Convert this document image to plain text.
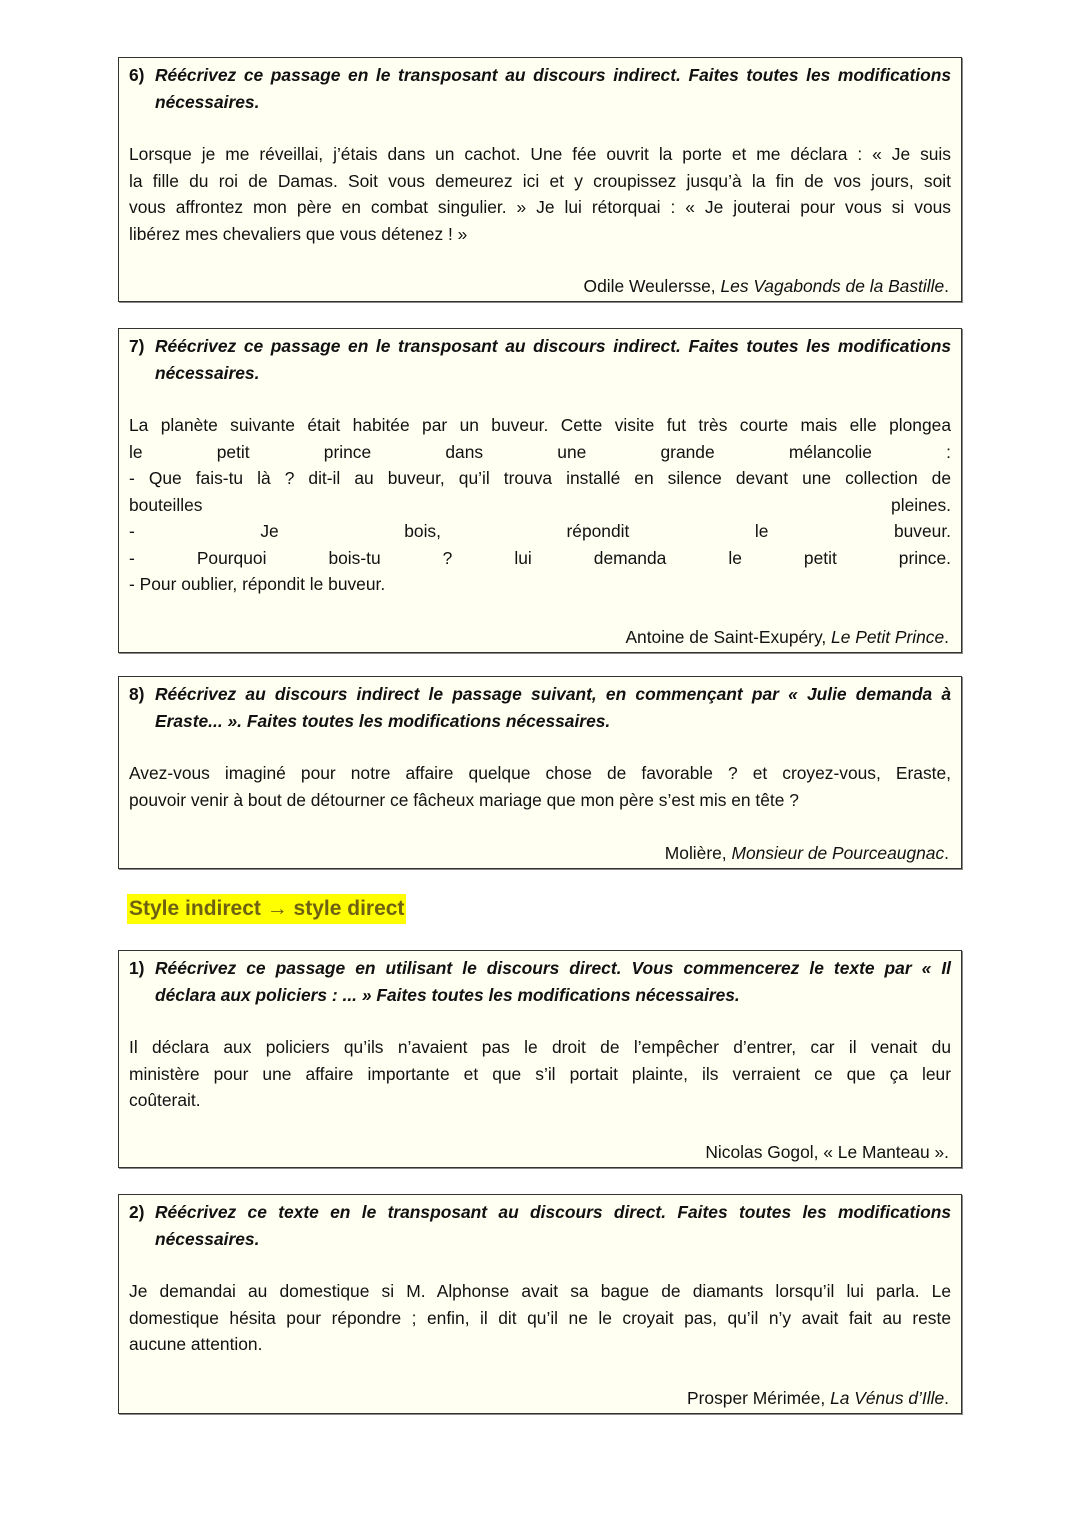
Style indirect → style direct
6) Réécrivez ce passage en le transposant au discours indirect. Faites toutes les modifications
nécessaires.
Lorsque je me réveillai, j’étais dans un cachot. Une fée ouvrit la porte et me déclara : « Je suis
la fille du roi de Damas. Soit vous demeurez ici et y croupissez jusqu’à la fin de vos jours, soit
vous affrontez mon père en combat singulier. » Je lui rétorquai : « Je jouterai pour vous si vous
libérez mes chevaliers que vous détenez ! »
Odile Weulersse, Les Vagabonds de la Bastille.
7) Réécrivez ce passage en le transposant au discours indirect. Faites toutes les modifications
nécessaires.
La planète suivante était habitée par un buveur. Cette visite fut très courte mais elle plongea
le petit prince dans une grande mélancolie :
- Que fais-tu là ? dit-il au buveur, qu’il trouva installé en silence devant une collection de
bouteilles pleines.
- Je bois, répondit le buveur.
- Pourquoi bois-tu ? lui demanda le petit prince.
- Pour oublier, répondit le buveur.
Antoine de Saint-Exupéry, Le Petit Prince.
8) Réécrivez au discours indirect le passage suivant, en commençant par « Julie demanda à
Eraste... ». Faites toutes les modifications nécessaires.
Avez-vous imaginé pour notre affaire quelque chose de favorable ? et croyez-vous, Eraste,
pouvoir venir à bout de détourner ce fâcheux mariage que mon père s’est mis en tête ?
Molière, Monsieur de Pourceaugnac.
1) Réécrivez ce passage en utilisant le discours direct. Vous commencerez le texte par « Il
déclara aux policiers : ... » Faites toutes les modifications nécessaires.
Il déclara aux policiers qu’ils n’avaient pas le droit de l’empêcher d’entrer, car il venait du
ministère pour une affaire importante et que s’il portait plainte, ils verraient ce que ça leur
coûterait.
Nicolas Gogol, « Le Manteau ».
2) Réécrivez ce texte en le transposant au discours direct. Faites toutes les modifications
nécessaires.
Je demandai au domestique si M. Alphonse avait sa bague de diamants lorsqu’il lui parla. Le
domestique hésita pour répondre ; enfin, il dit qu’il ne le croyait pas, qu’il n’y avait fait au reste
aucune attention.
Prosper Mérimée, La Vénus d’Ille.
